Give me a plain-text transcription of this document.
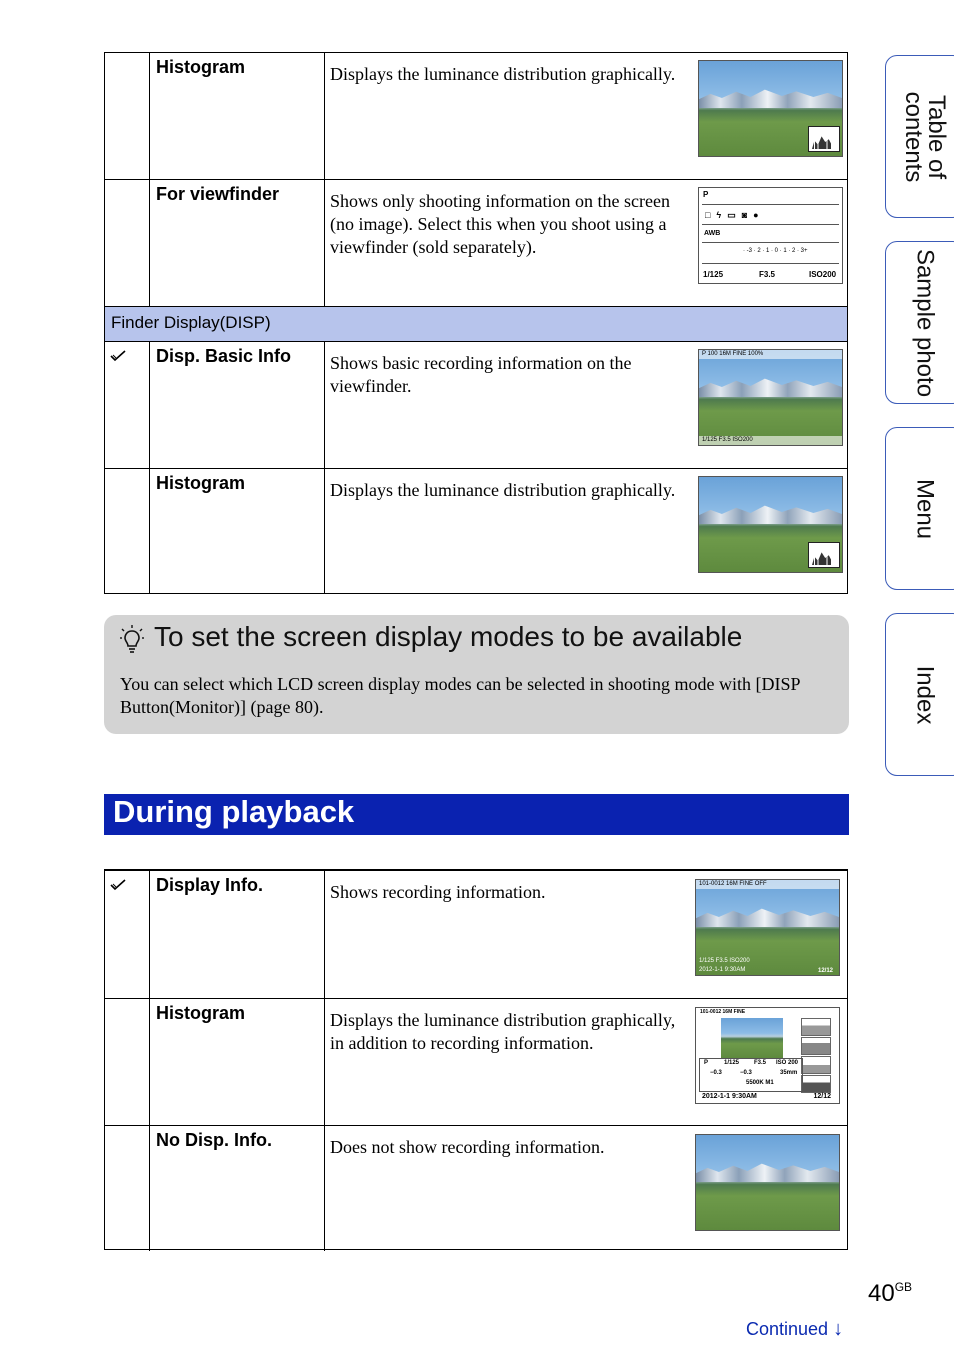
Histogram	Displays the luminance distribution graphically.
For viewfinder	Shows only shooting information on the screen (no image). Select this when you shoot using a viewfinder (sold separately).
P
□ϟ▭◙●
AWB
· -3 · 2 · 1 · 0 · 1 · 2 · 3+
1/125	F3.5	ISO200
Finder Display(DISP)
Disp. Basic Info	Shows basic recording information on the viewfinder.
P 100 16M FINE 100%
1/125 F3.5 ISO200
Histogram	Displays the luminance distribution graphically.
To set the screen display modes to be available
You can select which LCD screen display modes can be selected in shooting mode with [DISP Button(Monitor)] (page 80).
During playback
Display Info.	Shows recording information.	101-0012 16M FINE OFF
1/125 F3.5 ISO200
2012-1-1 9:30AM	12/12
Histogram	Displays the luminance distribution graphically, in addition to recording information.
101-0012 16M FINE
P	1/125 F3.5 ISO 200
−0.3	−0.3	35mm
5500K M1
2012-1-1 9:30AM	12/12
No Disp. Info.	Does not show recording information.
Table of contents
Sample photo
Menu
Index
$40^{GB}$
Continued ↓
